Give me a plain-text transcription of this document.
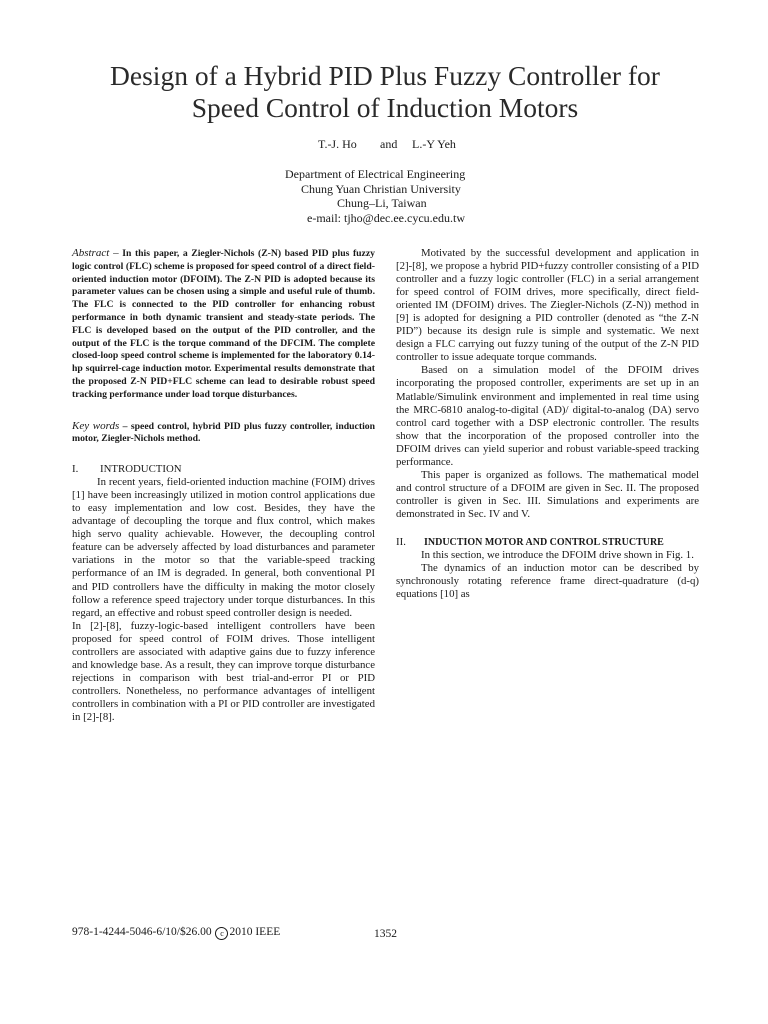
Design of a Hybrid PID Plus Fuzzy Controller for
Speed Control of Induction Motors
T.-J. Ho and L.-Y Yeh
Department of Electrical Engineering
Chung Yuan Christian University
Chung–Li, Taiwan
e-mail: tjho@dec.ee.cycu.edu.tw

Abstract – In this paper, a Ziegler-Nichols (Z-N) based PID plus fuzzy logic control (FLC) scheme is proposed for speed control of a direct field-oriented induction motor (DFOIM). The Z-N PID is adopted because its parameter values can be chosen using a simple and useful rule of thumb. The FLC is connected to the PID controller for enhancing robust performance in both dynamic transient and steady-state periods. The FLC is developed based on the output of the PID controller, and the output of the FLC is the torque command of the DFCIM. The complete closed-loop speed control scheme is implemented for the laboratory 0.14-hp squirrel-cage induction motor. Experimental results demonstrate that the proposed Z-N PID+FLC scheme can lead to desirable robust speed tracking performance under load torque disturbances.

Key words – speed control, hybrid PID plus fuzzy controller, induction motor, Ziegler-Nichols method.

I.	INTRODUCTION

In recent years, field-oriented induction machine (FOIM) drives [1] have been increasingly utilized in motion control applications due to easy implementation and low cost. Besides, they have the advantage of decoupling the torque and flux control, which makes high servo quality achievable. However, the decoupling control feature can be adversely affected by load disturbances and parameter variations in the motor so that the variable-speed tracking performance of an IM is degraded. In general, both conventional PI and PID controllers have the difficulty in making the motor closely follow a reference speed trajectory under torque disturbances. In this regard, an effective and robust speed controller design is needed.

In [2]-[8], fuzzy-logic-based intelligent controllers have been proposed for speed control of FOIM drives. Those intelligent controllers are associated with adaptive gains due to fuzzy inference and knowledge base. As a result, they can improve torque disturbance rejections in comparison with best trial-and-error PI or PID controllers. Nonetheless, no performance advantages of intelligent controllers in combination with a PI or PID controller are investigated in [2]-[8].

Motivated by the successful development and application in [2]-[8], we propose a hybrid PID+fuzzy controller consisting of a PID controller and a fuzzy logic controller (FLC) in a serial arrangement for speed control of FOIM drives, more specifically, direct field-oriented IM (DFOIM) drives. The Ziegler-Nichols (Z-N)) method in [9] is adopted for designing a PID controller (denoted as “the Z-N PID”) because its design rule is simple and systematic. We next design a FLC carrying out fuzzy tuning of the output of the Z-N PID controller to issue adequate torque commands.

Based on a simulation model of the DFOIM drives incorporating the proposed controller, experiments are set up in an Matlable/Simulink environment and implemented in real time using the MRC-6810 analog-to-digital (AD)/ digital-to-analog (DA) servo control card together with a DSP electronic controller. The results show that the incorporation of the proposed controller into the DFOIM drives can yield superior and robust variable-speed tracking performance.

This paper is organized as follows. The mathematical model and control structure of a DFOIM are given in Sec. II. The proposed controller is given in Sec. III. Simulations and experiments are demonstrated in Sec. IV and V.

II.	INDUCTION MOTOR AND CONTROL STRUCTURE

In this section, we introduce the DFOIM drive shown in Fig. 1.

The dynamics of an induction motor can be described by synchronously rotating reference frame direct-quadrature (d-q) equations [10] as

978-1-4244-5046-6/10/$26.00 c 2010 IEEE	1352
